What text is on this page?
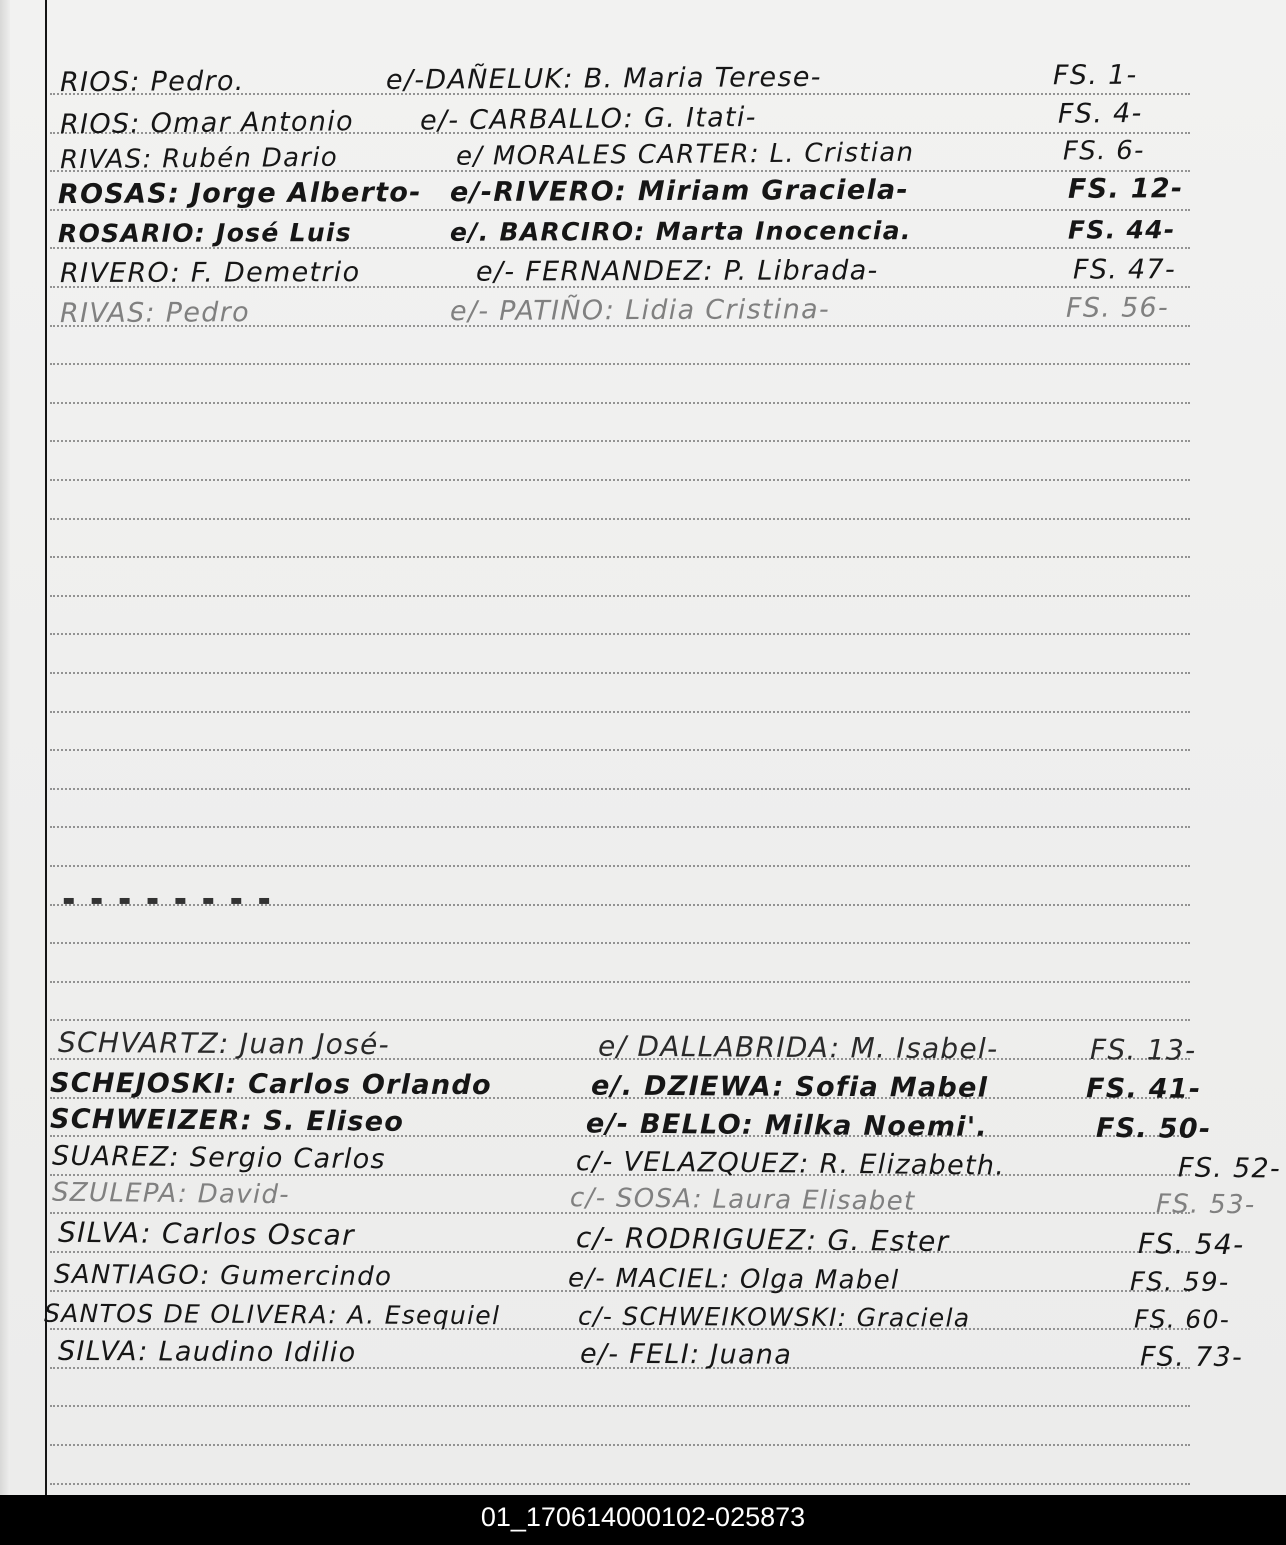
▪ ▪ ▪ ▪ ▪ ▪ ▪ ▪
RIOS: Pedro.	e/-DAÑELUK: B. Maria Terese-	FS. 1-
RIOS: Omar Antonio e/- CARBALLO: G. Itati-	FS. 4-
RIVAS: Rubén Dario	e/ MORALES CARTER: L. Cristian	FS. 6-
ROSAS: Jorge Alberto- e/-RIVERO: Miriam Graciela-	FS. 12-
ROSARIO: José Luis	e/. BARCIRO: Marta Inocencia.	FS. 44-
RIVERO: F. Demetrio	e/- FERNANDEZ: P. Librada-	FS. 47-
RIVAS: Pedro	e/- PATIÑO: Lidia Cristina-	FS. 56-
SCHVARTZ: Juan José-	e/ DALLABRIDA: M. Isabel-	FS. 13-
SCHEJOSKI: Carlos Orlando	e/. DZIEWA: Sofia Mabel	FS. 41-
SCHWEIZER: S. Eliseo	e/- BELLO: Milka Noemi'.	FS. 50-
SUAREZ: Sergio Carlos	c/- VELAZQUEZ: R. Elizabeth.	FS. 52-
SZULEPA: David-	c/- SOSA: Laura Elisabet	FS. 53-
SILVA: Carlos Oscar	c/- RODRIGUEZ: G. Ester	FS. 54-
SANTIAGO: Gumercindo	e/- MACIEL: Olga Mabel	FS. 59-
SANTOS DE OLIVERA: A. Esequiel	c/- SCHWEIKOWSKI: Graciela	FS. 60-
SILVA: Laudino Idilio	e/- FELI: Juana	FS. 73-
01_170614000102-025873
